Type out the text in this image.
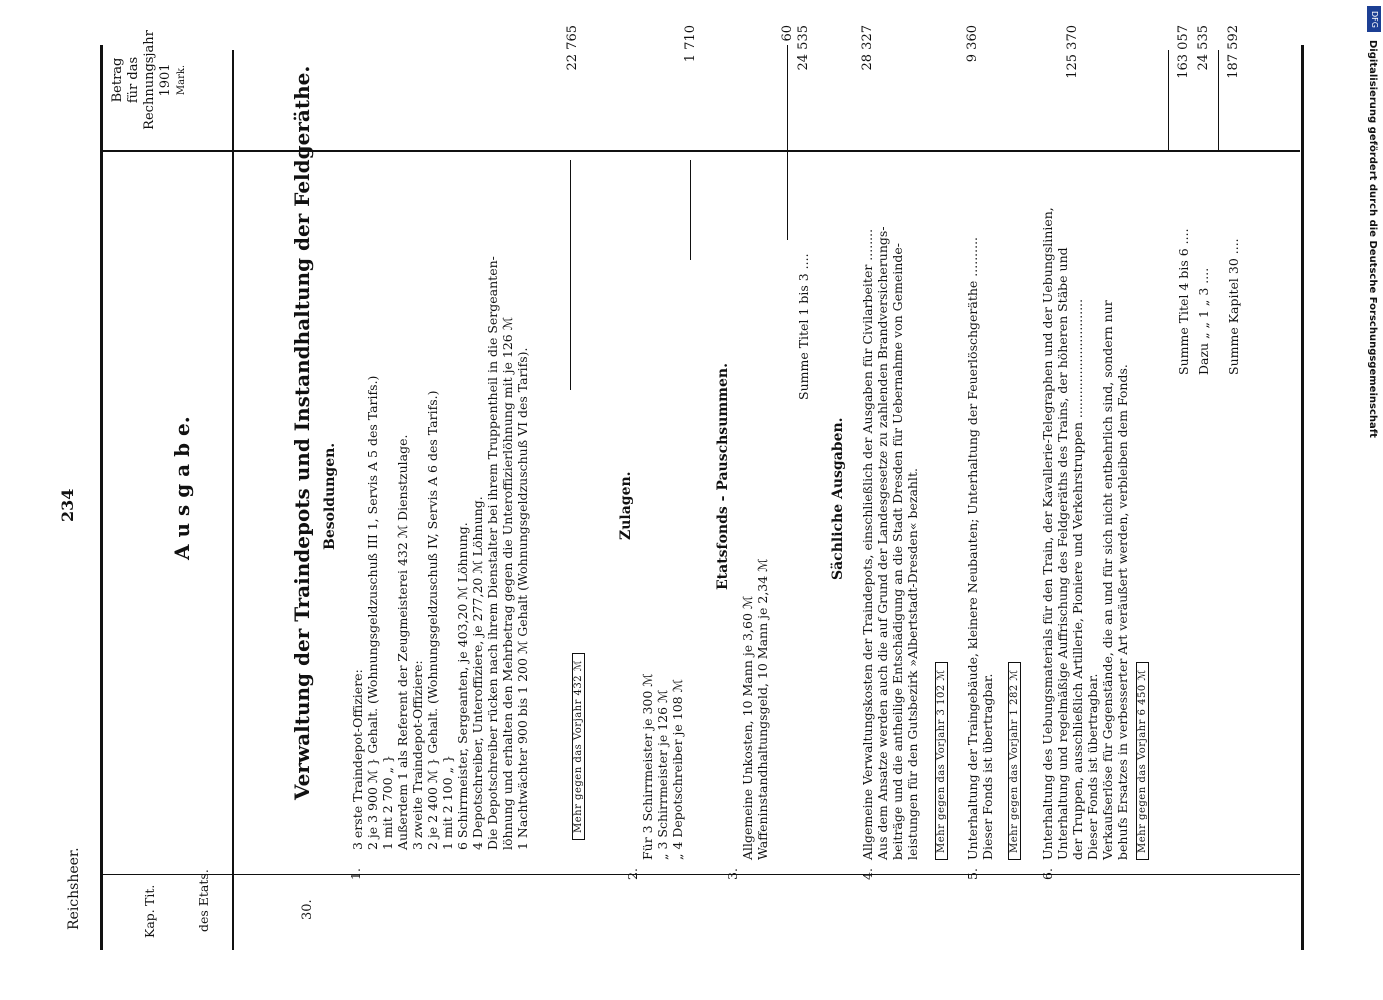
Reichsheer.
234
Kap.
Tit.	des Etats.
Betrag für das Rechnungsjahr 1901 Mark.
A u s g a b e.
30.
Verwaltung der Traindepots und Instandhaltung der Feldgeräthe.
1.
Besoldungen.
3 erste Traindepot-Offiziere: 2 je 3 900 ℳ } Gehalt. (Wohnungsgeldzuschuß III 1, Servis A 5 des Tarifs.) 1 mit 2 700 „ } Außerdem 1 als Referent der Zeugmeisterei 432 ℳ Dienstzulage. 3 zweite Traindepot-Offiziere: 2 je 2 400 ℳ } Gehalt. (Wohnungsgeldzuschuß IV, Servis A 6 des Tarifs.) 1 mit 2 100 „ } 6 Schirrmeister, Sergeanten, je 403,20 ℳ Löhnung. 4 Depotschreiber, Unteroffiziere, je 277,20 ℳ Löhnung. Die Depotschreiber rücken nach ihrem Dienstalter bei ihrem Truppentheil in die Sergeanten- löhnung und erhalten den Mehrbetrag gegen die Unteroffizierlöhnung mit je 126 ℳ 1 Nachtwächter 900 bis 1 200 ℳ Gehalt (Wohnungsgeldzuschuß VI des Tarifs).	Mehr gegen das Vorjahr 432 ℳ
22 765
2.
Zulagen.
Für 3 Schirrmeister je 300 ℳ „ 3 Schirrmeister je 126 ℳ „ 4 Depotschreiber je 108 ℳ
1 710
3.
Etatsfonds - Pauschsummen.
Allgemeine Unkosten, 10 Mann je 3,60 ℳ Waffeninstandhaltungsgeld, 10 Mann je 2,34 ℳ
60
Summe Titel 1 bis 3 ....
24 535
4.
Sächliche Ausgaben. Allgemeine Verwaltungskosten der Traindepots, einschließlich der Ausgaben für Civilarbeiter ........ Aus dem Ansatze werden auch die auf Grund der Landesgesetze zu zahlenden Brandversicherungs- beiträge und die antheilige Entschädigung an die Stadt Dresden für Uebernahme von Gemeinde- leistungen für den Gutsbezirk »Albertstadt-Dresden« bezahlt. Mehr gegen das Vorjahr 3 102 ℳ
28 327
5.
Unterhaltung der Traingebäude, kleinere Neubauten; Unterhaltung der Feuerlöschgeräthe .......... Dieser Fonds ist übertragbar. Mehr gegen das Vorjahr 1 282 ℳ
9 360
6.
Unterhaltung des Uebungsmaterials für den Train, der Kavallerie-Telegraphen und der Uebungslinien, Unterhaltung und regelmäßige Auffrischung des Feldgeräths des Trains, der höheren Stäbe und der Truppen, ausschließlich Artillerie, Pioniere und Verkehrstruppen .............................. Dieser Fonds ist übertragbar. Verkaufserlöse für Gegenstände, die an und für sich nicht entbehrlich sind, sondern nur behufs Ersatzes in verbesserter Art veräußert werden, verbleiben dem Fonds. Mehr gegen das Vorjahr 6 450 ℳ
125 370
Summe Titel 4 bis 6 ....
163 057
Dazu „ „ 1 „ 3 ....
24 535
Summe Kapitel 30 ....
187 592
DFG
Digitalisierung gefördert durch die Deutsche Forschungsgemeinschaft
